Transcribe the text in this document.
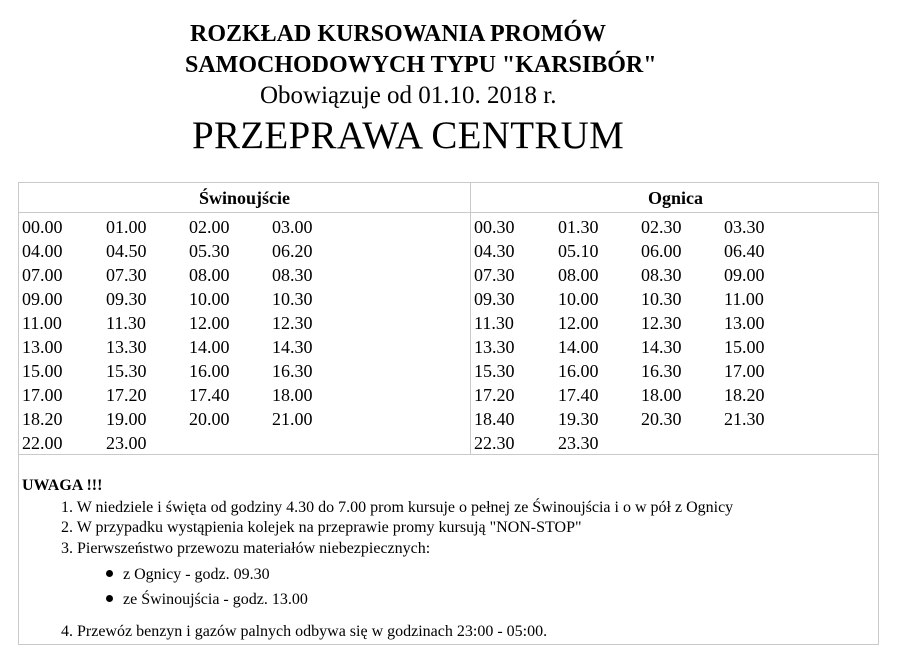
ROZKŁAD KURSOWANIA PROMÓW
SAMOCHODOWYCH TYPU "KARSIBÓR"
Obowiązuje od 01.10. 2018 r.
PRZEPRAWA CENTRUM
Świnoujście	Ognica
00.00 01.00 02.00 03.00
04.00 04.50 05.30 06.20
07.00 07.30 08.00 08.30
09.00 09.30 10.00 10.30
11.00 11.30 12.00 12.30
13.00 13.30 14.00 14.30
15.00 15.30 16.00 16.30
17.00 17.20 17.40 18.00
18.20 19.00 20.00 21.00
22.00 23.00
00.30 01.30 02.30 03.30
04.30 05.10 06.00 06.40
07.30 08.00 08.30 09.00
09.30 10.00 10.30 11.00
11.30 12.00 12.30 13.00
13.30 14.00 14.30 15.00
15.30 16.00 16.30 17.00
17.20 17.40 18.00 18.20
18.40 19.30 20.30 21.30
22.30 23.30
UWAGA !!!
1. W niedziele i święta od godziny 4.30 do 7.00 prom kursuje o pełnej ze Świnoujścia i o w pół z Ognicy
2. W przypadku wystąpienia kolejek na przeprawie promy kursują "NON-STOP"
3. Pierwszeństwo przewozu materiałów niebezpiecznych:
z Ognicy - godz. 09.30
ze Świnoujścia - godz. 13.00
4. Przewóz benzyn i gazów palnych odbywa się w godzinach 23:00 - 05:00.
